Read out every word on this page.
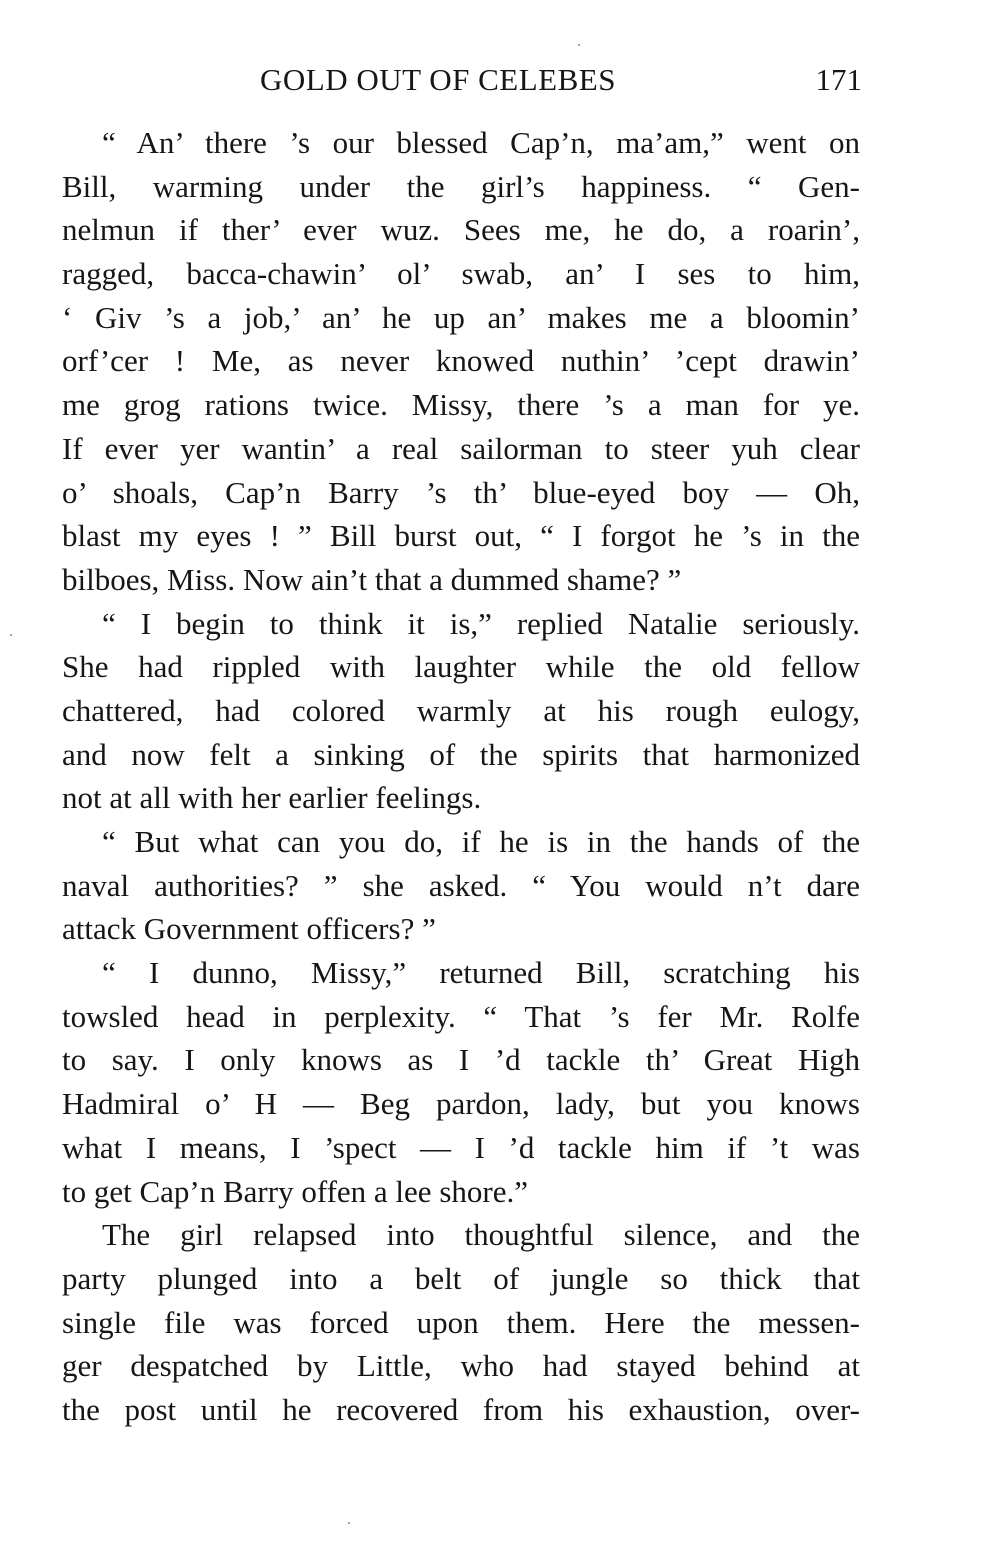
GOLD OUT OF CELEBES	171
“ An’ there ’s our blessed Cap’n, ma’am,” went on
Bill, warming under the girl’s happiness. “ Gen-
nelmun if ther’ ever wuz. Sees me, he do, a roarin’,
ragged, bacca-chawin’ ol’ swab, an’ I ses to him,
‘ Giv ’s a job,’ an’ he up an’ makes me a bloomin’
orf’cer ! Me, as never knowed nuthin’ ’cept drawin’
me grog rations twice. Missy, there ’s a man for ye.
If ever yer wantin’ a real sailorman to steer yuh clear
o’ shoals, Cap’n Barry ’s th’ blue-eyed boy — Oh,
blast my eyes ! ” Bill burst out, “ I forgot he ’s in the
bilboes, Miss. Now ain’t that a dummed shame? ”
“ I begin to think it is,” replied Natalie seriously.
She had rippled with laughter while the old fellow
chattered, had colored warmly at his rough eulogy,
and now felt a sinking of the spirits that harmonized
not at all with her earlier feelings.
“ But what can you do, if he is in the hands of the
naval authorities? ” she asked. “ You would n’t dare
attack Government officers? ”
“ I dunno, Missy,” returned Bill, scratching his
towsled head in perplexity. “ That ’s fer Mr. Rolfe
to say. I only knows as I ’d tackle th’ Great High
Hadmiral o’ H — Beg pardon, lady, but you knows
what I means, I ’spect — I ’d tackle him if ’t was
to get Cap’n Barry offen a lee shore.”
The girl relapsed into thoughtful silence, and the
party plunged into a belt of jungle so thick that
single file was forced upon them. Here the messen-
ger despatched by Little, who had stayed behind at
the post until he recovered from his exhaustion, over-
